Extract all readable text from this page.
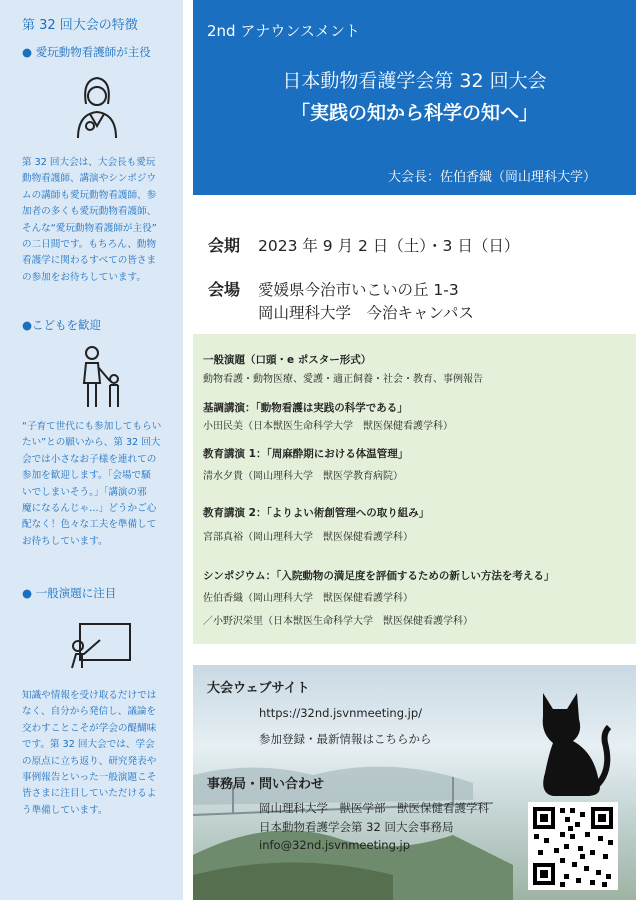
第 32 回大会の特徴
● 愛玩動物看護師が主役
第 32 回大会は、大会長も愛玩
動物看護師、講演やシンポジウ
ムの講師も愛玩動物看護師、参
加者の多くも愛玩動物看護師、
そんな“愛玩動物看護師が主役”
の二日間です。もちろん、動物
看護学に関わるすべての皆さま
の参加をお待ちしています。
●こどもを歓迎
“子育て世代にも参加してもらい
たい”との願いから、第 32 回大
会では小さなお子様を連れての
参加を歓迎します。「会場で騒
いでしまいそう。」「講演の邪
魔になるんじゃ…」どうかご心
配なく！色々な工夫を準備して
お待ちしています。
● 一般演題に注目
知識や情報を受け取るだけでは
なく、自分から発信し、議論を
交わすことこそが学会の醍醐味
です。第 32 回大会では、学会
の原点に立ち返り、研究発表や
事例報告といった一般演題こそ
皆さまに注目していただけるよ
う準備しています。
2nd アナウンスメント
日本動物看護学会第 32 回大会
「実践の知から科学の知へ」
大会長：佐伯香織（岡山理科大学）
会期 2023 年 9 月 2 日（土）・3 日（日）
会場 愛媛県今治市いこいの丘 1-3
岡山理科大学　今治キャンパス
一般演題（口頭・e ポスター形式）
動物看護・動物医療、愛護・適正飼養・社会・教育、事例報告
基調講演：「動物看護は実践の科学である」
小田民美（日本獣医生命科学大学　獣医保健看護学科）
教育講演 1：「周麻酔期における体温管理」
清水夕貴（岡山理科大学　獣医学教育病院）
教育講演 2：「よりよい術創管理への取り組み」
宮部真裕（岡山理科大学　獣医保健看護学科）
シンポジウム：「入院動物の満足度を評価するための新しい方法を考える」
佐伯香織（岡山理科大学　獣医保健看護学科）
／小野沢栄里（日本獣医生命科学大学　獣医保健看護学科）
大会ウェブサイト
https://32nd.jsvnmeeting.jp/
参加登録・最新情報はこちらから
事務局・問い合わせ
岡山理科大学　獣医学部　獣医保健看護学科
日本動物看護学会第 32 回大会事務局
info@32nd.jsvnmeeting.jp
